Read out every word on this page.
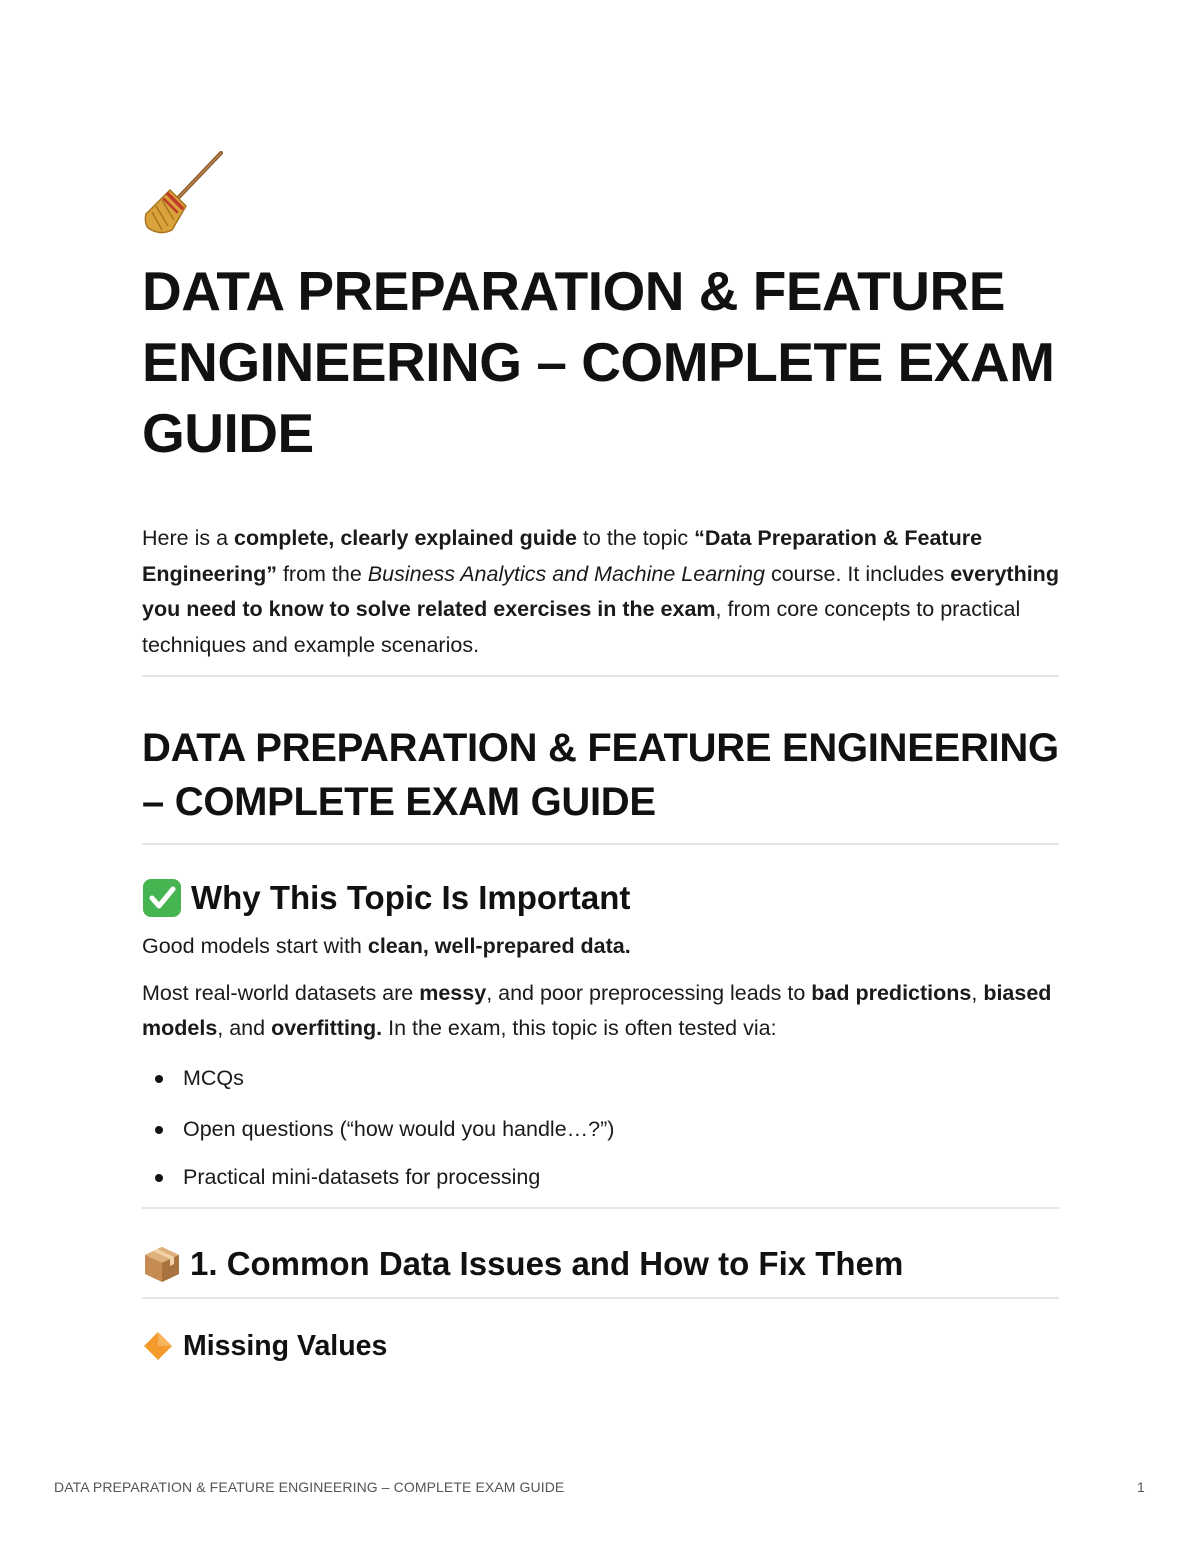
DATA PREPARATION & FEATURE ENGINEERING – COMPLETE EXAM GUIDE

Here is a complete, clearly explained guide to the topic “Data Preparation & Feature Engineering” from the Business Analytics and Machine Learning course. It includes everything you need to know to solve related exercises in the exam, from core concepts to practical techniques and example scenarios.

DATA PREPARATION & FEATURE ENGINEERING – COMPLETE EXAM GUIDE
Why This Topic Is Important

Good models start with clean, well-prepared data.

Most real-world datasets are messy, and poor preprocessing leads to bad predictions, biased models, and overfitting. In the exam, this topic is often tested via:

MCQs
Open questions (“how would you handle…?”)
Practical mini-datasets for processing
1. Common Data Issues and How to Fix Them
Missing Values
DATA PREPARATION & FEATURE ENGINEERING – COMPLETE EXAM GUIDE	1
